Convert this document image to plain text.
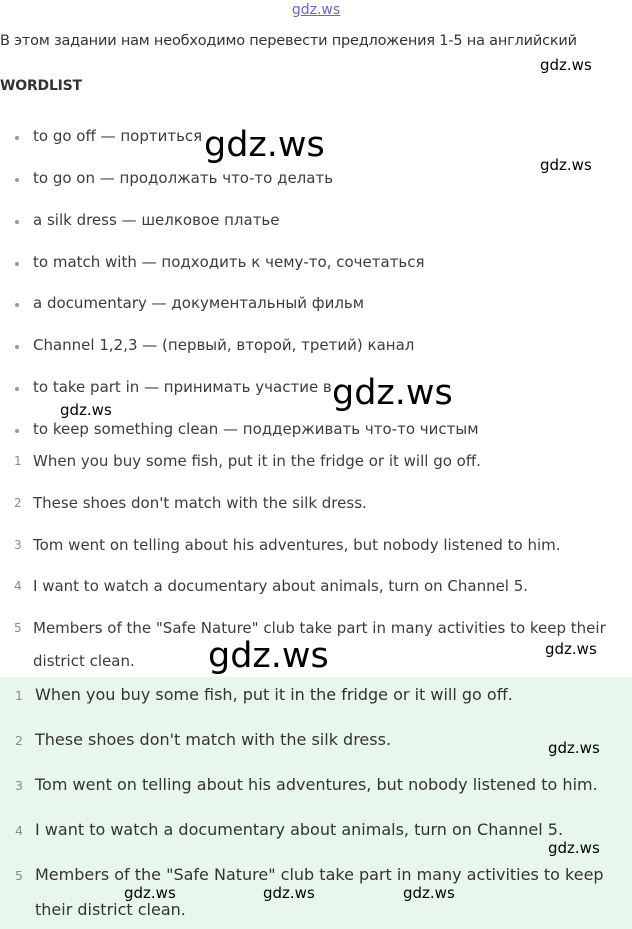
gdz.ws
В этом задании нам необходимо перевести предложения 1-5 на английский
WORDLIST
to go off — портиться
to go on — продолжать что-то делать
a silk dress — шелковое платье
to match with — подходить к чему-то, сочетаться
a documentary — документальный фильм
Channel 1,2,3 — (первый, второй, третий) канал
to take part in — принимать участие в
to keep something clean — поддерживать что-то чистым
1 When you buy some fish, put it in the fridge or it will go off.
2 These shoes don't match with the silk dress.
3 Tom went on telling about his adventures, but nobody listened to him.
4 I want to watch a documentary about animals, turn on Channel 5.
5 Members of the "Safe Nature" club take part in many activities to keep their
district clean.
1 When you buy some fish, put it in the fridge or it will go off.
2 These shoes don't match with the silk dress.
3 Tom went on telling about his adventures, but nobody listened to him.
4 I want to watch a documentary about animals, turn on Channel 5.
5 Members of the "Safe Nature" club take part in many activities to keep
their district clean.
gdz.ws
gdz.ws	gdz.ws
gdz.ws
gdz.ws
gdz.ws	gdz.ws
gdz.ws
gdz.ws
gdz.ws	gdz.ws	gdz.ws
